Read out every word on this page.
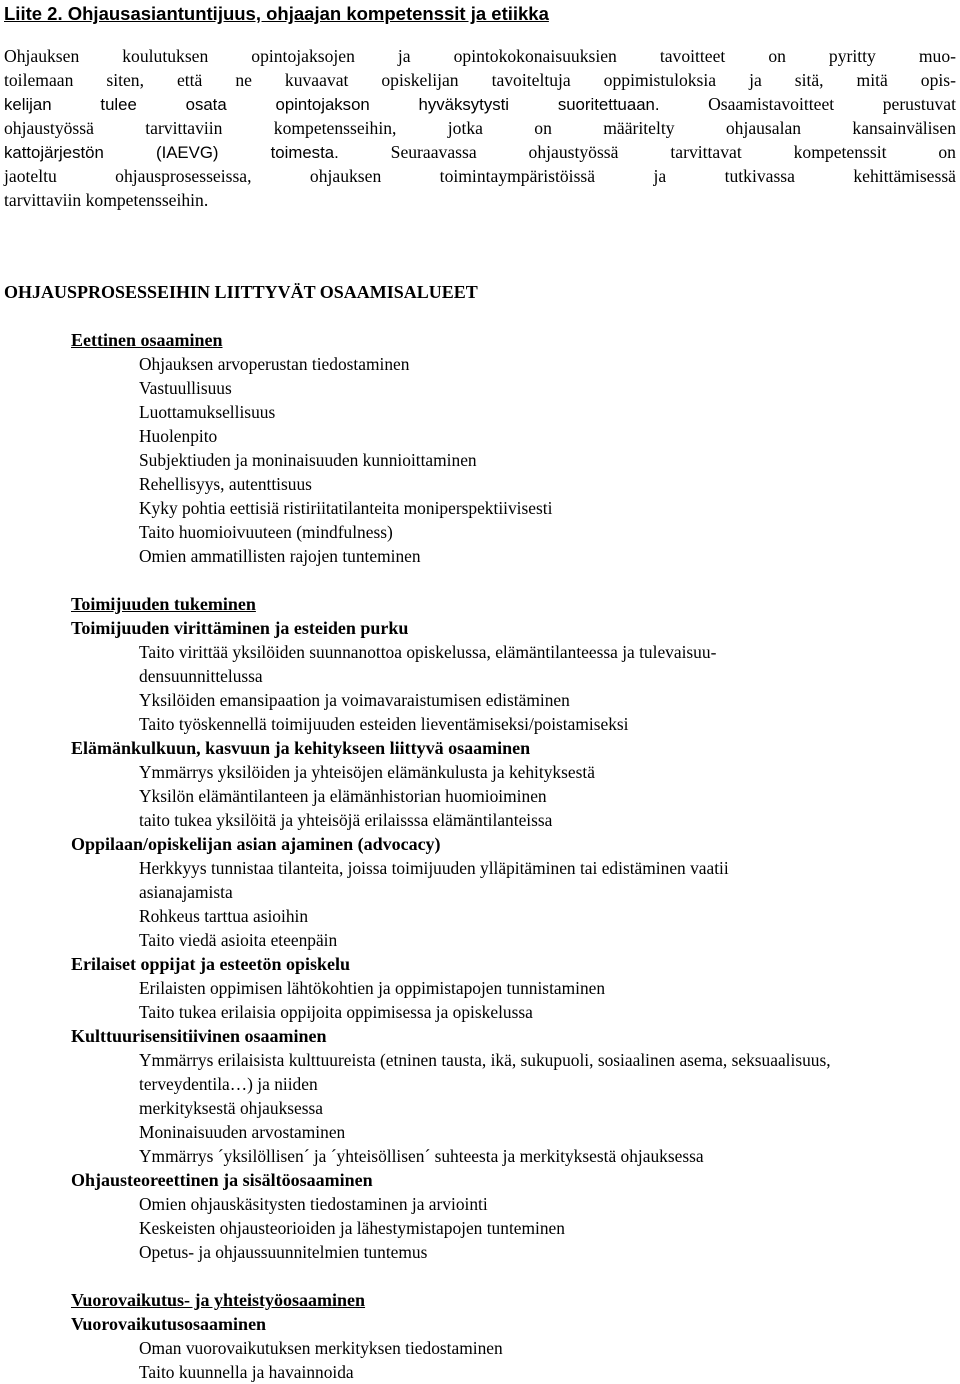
Liite 2. Ohjausasiantuntijuus, ohjaajan kompetenssit ja etiikka
Ohjauksen koulutuksen opintojaksojen ja opintokokonaisuuksien tavoitteet on pyritty muo-
toilemaan siten, että ne kuvaavat opiskelijan tavoiteltuja oppimistuloksia ja sitä, mitä opis-
kelijan tulee osata opintojakson hyväksytysti suoritettuaan. Osaamistavoitteet perustuvat
ohjaustyössä tarvittaviin kompetensseihin, jotka on määritelty ohjausalan kansainvälisen
kattojärjestön (IAEVG) toimesta. Seuraavassa ohjaustyössä tarvittavat kompetenssit on
jaoteltu ohjausprosesseissa, ohjauksen toimintaympäristöissä ja tutkivassa kehittämisessä
tarvittaviin kompetensseihin.
OHJAUSPROSESSEIHIN LIITTYVÄT OSAAMISALUEET
Eettinen osaaminen
Ohjauksen arvoperustan tiedostaminen
Vastuullisuus
Luottamuksellisuus
Huolenpito
Subjektiuden ja moninaisuuden kunnioittaminen
Rehellisyys, autenttisuus
Kyky pohtia eettisiä ristiriitatilanteita moniperspektiivisesti
Taito huomioivuuteen (mindfulness)
Omien ammatillisten rajojen tunteminen
Toimijuuden tukeminen
Toimijuuden virittäminen ja esteiden purku
Taito virittää yksilöiden suunnanottoa opiskelussa, elämäntilanteessa ja tulevaisuu-
densuunnittelussa
Yksilöiden emansipaation ja voimavaraistumisen edistäminen
Taito työskennellä toimijuuden esteiden lieventämiseksi/poistamiseksi
Elämänkulkuun, kasvuun ja kehitykseen liittyvä osaaminen
Ymmärrys yksilöiden ja yhteisöjen elämänkulusta ja kehityksestä
Yksilön elämäntilanteen ja elämänhistorian huomioiminen
taito tukea yksilöitä ja yhteisöjä erilaisssa elämäntilanteissa
Oppilaan/opiskelijan asian ajaminen (advocacy)
Herkkyys tunnistaa tilanteita, joissa toimijuuden ylläpitäminen tai edistäminen vaatii
asianajamista
Rohkeus tarttua asioihin
Taito viedä asioita eteenpäin
Erilaiset oppijat ja esteetön opiskelu
Erilaisten oppimisen lähtökohtien ja oppimistapojen tunnistaminen
Taito tukea erilaisia oppijoita oppimisessa ja opiskelussa
Kulttuurisensitiivinen osaaminen
Ymmärrys erilaisista kulttuureista (etninen tausta, ikä, sukupuoli, sosiaalinen asema, seksuaalisuus,
terveydentila…) ja niiden
merkityksestä ohjauksessa
Moninaisuuden arvostaminen
Ymmärrys ´yksilöllisen´ ja ´yhteisöllisen´ suhteesta ja merkityksestä ohjauksessa
Ohjausteoreettinen ja sisältöosaaminen
Omien ohjauskäsitysten tiedostaminen ja arviointi
Keskeisten ohjausteorioiden ja lähestymistapojen tunteminen
Opetus- ja ohjaussuunnitelmien tuntemus
Vuorovaikutus- ja yhteistyöosaaminen
Vuorovaikutusosaaminen
Oman vuorovaikutuksen merkityksen tiedostaminen
Taito kuunnella ja havainnoida
